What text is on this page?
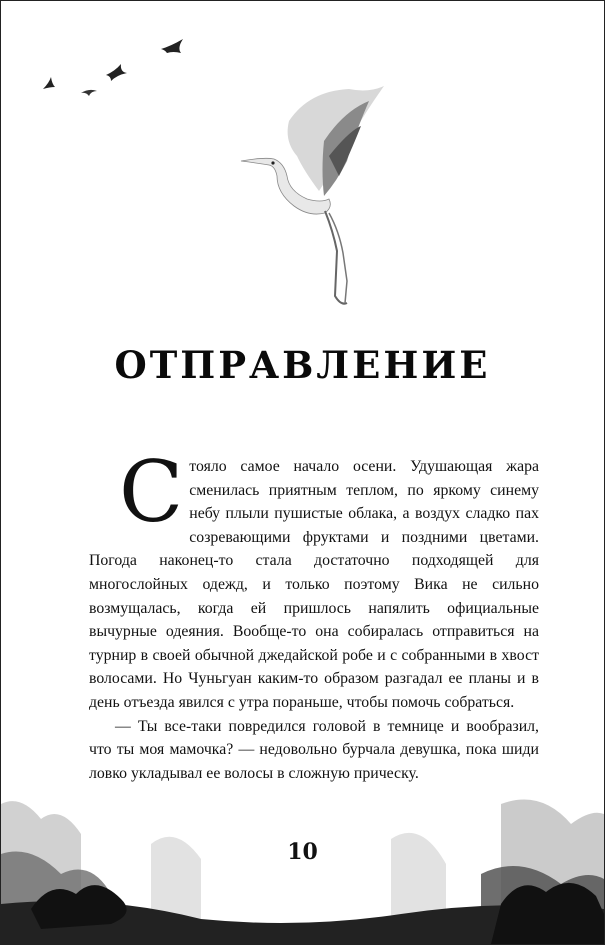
ОТПРАВЛЕНИЕ

Стояло самое начало осени. Удушающая жара сменилась приятным теплом, по яркому синему небу плыли пушистые облака, а воздух сладко пах созревающими фруктами и поздними цветами. Погода наконец-то стала достаточно подходящей для многослойных одежд, и только поэтому Вика не сильно возмущалась, когда ей пришлось напялить официальные вычурные одеяния. Вообще-то она собиралась отправиться на турнир в своей обычной джедайской робе и с собранными в хвост волосами. Но Чуньгуан каким-то образом разгадал ее планы и в день отъезда явился с утра пораньше, чтобы помочь собраться.

— Ты все-таки повредился головой в темнице и вообразил, что ты моя мамочка? — недовольно бурчала девушка, пока шиди ловко укладывал ее волосы в сложную прическу.

10
